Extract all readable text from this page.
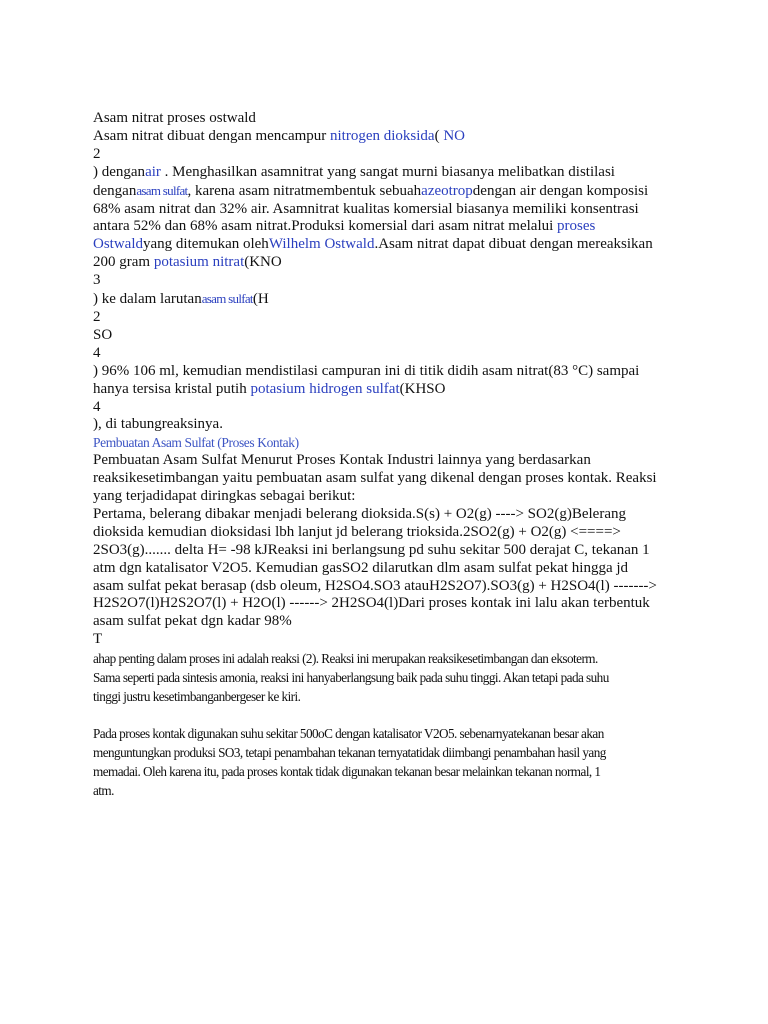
Asam nitrat proses ostwald
Asam nitrat dibuat dengan mencampur nitrogen dioksida( NO
2
) denganair . Menghasilkan asamnitrat yang sangat murni biasanya melibatkan distilasi
denganasam sulfat, karena asam nitratmembentuk sebuahazeotropdengan air dengan komposisi
68% asam nitrat dan 32% air. Asamnitrat kualitas komersial biasanya memiliki konsentrasi
antara 52% dan 68% asam nitrat.Produksi komersial dari asam nitrat melalui proses
Ostwaldyang ditemukan olehWilhelm Ostwald.Asam nitrat dapat dibuat dengan mereaksikan
200 gram potasium nitrat(KNO
3
) ke dalam larutanasam sulfat(H
2
SO
4
) 96% 106 ml, kemudian mendistilasi campuran ini di titik didih asam nitrat(83 °C) sampai
hanya tersisa kristal putih potasium hidrogen sulfat(KHSO
4
), di tabungreaksinya.
Pembuatan Asam Sulfat (Proses Kontak)
Pembuatan Asam Sulfat Menurut Proses Kontak Industri lainnya yang berdasarkan
reaksikesetimbangan yaitu pembuatan asam sulfat yang dikenal dengan proses kontak. Reaksi
yang terjadidapat diringkas sebagai berikut:
Pertama, belerang dibakar menjadi belerang dioksida.S(s) + O2(g) ----> SO2(g)Belerang
dioksida kemudian dioksidasi lbh lanjut jd belerang trioksida.2SO2(g) + O2(g) <====>
2SO3(g)....... delta H= -98 kJReaksi ini berlangsung pd suhu sekitar 500 derajat C, tekanan 1
atm dgn katalisator V2O5. Kemudian gasSO2 dilarutkan dlm asam sulfat pekat hingga jd
asam sulfat pekat berasap (dsb oleum, H2SO4.SO3 atauH2S2O7).SO3(g) + H2SO4(l) ------->
H2S2O7(l)H2S2O7(l) + H2O(l) ------> 2H2SO4(l)Dari proses kontak ini lalu akan terbentuk
asam sulfat pekat dgn kadar 98%
T
ahap penting dalam proses ini adalah reaksi (2). Reaksi ini merupakan reaksikesetimbangan dan eksoterm.
Sama seperti pada sintesis amonia, reaksi ini hanyaberlangsung baik pada suhu tinggi. Akan tetapi pada suhu
tinggi justru kesetimbanganbergeser ke kiri.
Pada proses kontak digunakan suhu sekitar 500oC dengan katalisator V2O5. sebenarnyatekanan besar akan
menguntungkan produksi SO3, tetapi penambahan tekanan ternyatatidak diimbangi penambahan hasil yang
memadai. Oleh karena itu, pada proses kontak tidak digunakan tekanan besar melainkan tekanan normal, 1
atm.
